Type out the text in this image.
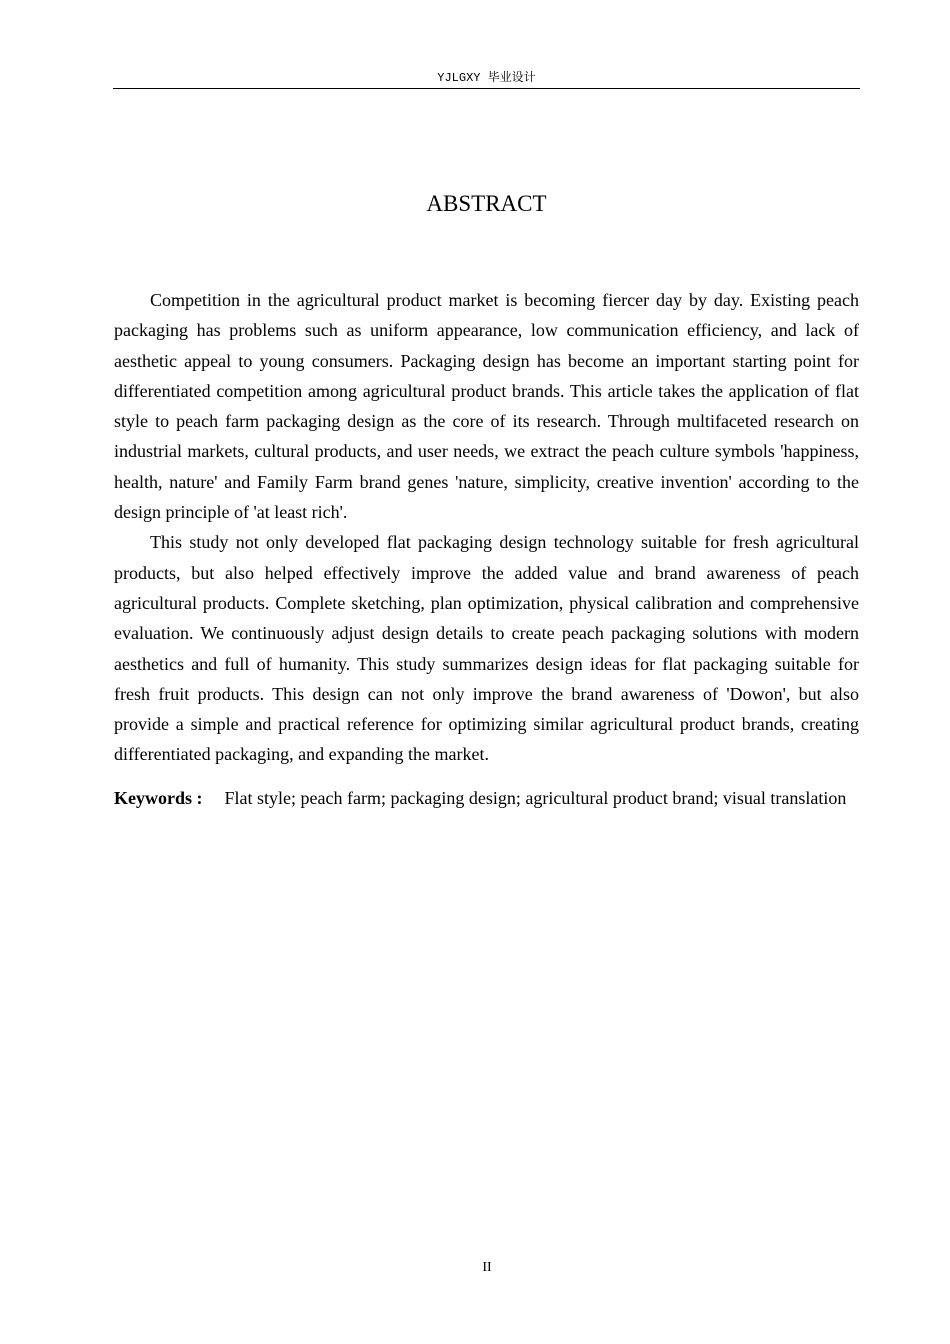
YJLGXY 毕业设计
ABSTRACT

Competition in the agricultural product market is becoming fiercer day by day. Existing peach packaging has problems such as uniform appearance, low communication efficiency, and lack of aesthetic appeal to young consumers. Packaging design has become an important starting point for differentiated competition among agricultural product brands. This article takes the application of flat style to peach farm packaging design as the core of its research. Through multifaceted research on industrial markets, cultural products, and user needs, we extract the peach culture symbols 'happiness, health, nature' and Family Farm brand genes 'nature, simplicity, creative invention' according to the design principle of 'at least rich'.

This study not only developed flat packaging design technology suitable for fresh agricultural products, but also helped effectively improve the added value and brand awareness of peach agricultural products. Complete sketching, plan optimization, physical calibration and comprehensive evaluation. We continuously adjust design details to create peach packaging solutions with modern aesthetics and full of humanity. This study summarizes design ideas for flat packaging suitable for fresh fruit products. This design can not only improve the brand awareness of 'Dowon', but also provide a simple and practical reference for optimizing similar agricultural product brands, creating differentiated packaging, and expanding the market.

Keywords : Flat style; peach farm; packaging design; agricultural product brand; visual translation
II
